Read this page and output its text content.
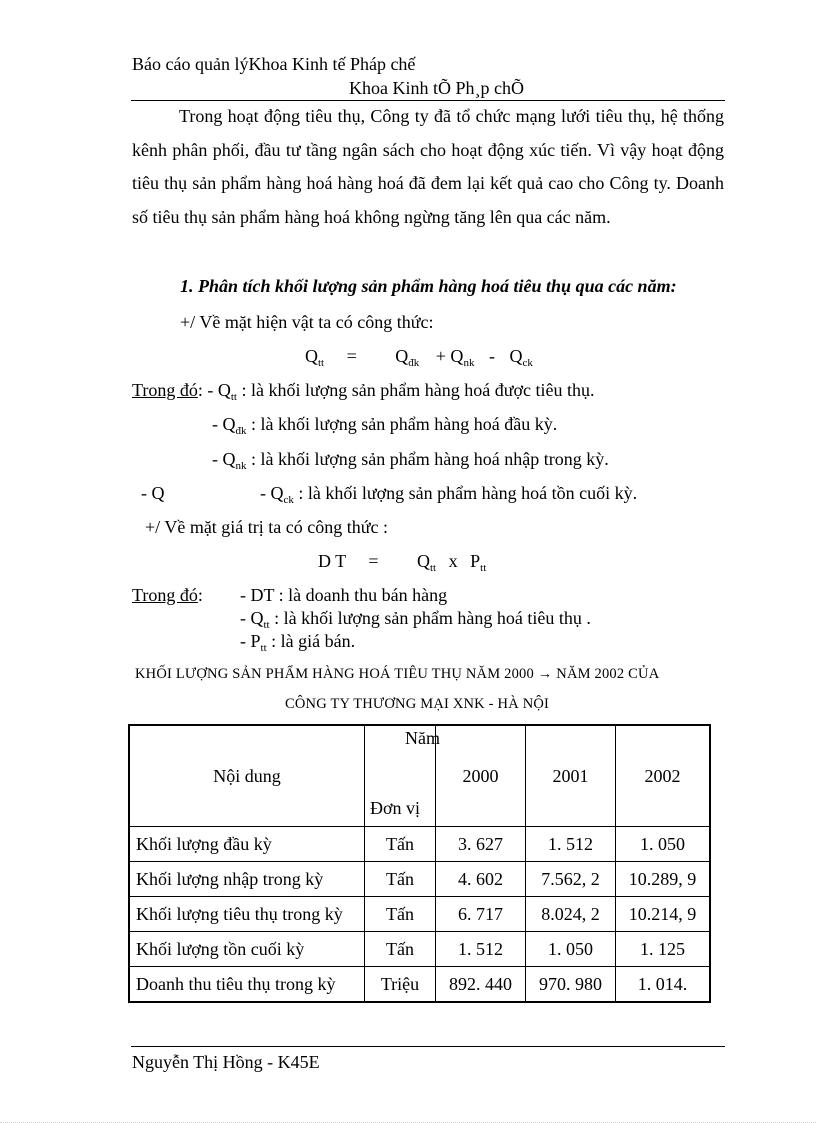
Báo cáo quản lýKhoa Kinh tế Pháp chế
Khoa Kinh tÕ Ph¸p chÕ
Trong hoạt động tiêu thụ, Công ty đã tổ chức mạng lưới tiêu thụ, hệ thống kênh phân phối, đầu tư tầng ngân sách cho hoạt động xúc tiến. Vì vậy hoạt động tiêu thụ sản phẩm hàng hoá hàng hoá đã đem lại kết quả cao cho Công ty. Doanh số tiêu thụ sản phẩm hàng hoá không ngừng tăng lên qua các năm.
1. Phân tích khối lượng sản phẩm hàng hoá tiêu thụ qua các năm:
+/ Về mặt hiện vật ta có công thức:
$Q_{tt} = Q_{đk} + Q_{nk} - Q_{ck}$
Trong đó: - $Q_{tt}$ : là khối lượng sản phẩm hàng hoá được tiêu thụ.
- $Q_{đk}$ : là khối lượng sản phẩm hàng hoá đầu kỳ.
- $Q_{nk}$ : là khối lượng sản phẩm hàng hoá nhập trong kỳ.
- Q	- $Q_{ck}$ : là khối lượng sản phẩm hàng hoá tồn cuối kỳ.
+/ Về mặt giá trị ta có công thức :
D $T = Q_{tt}$ x $P_{tt}$
Trong đó: - DT : là doanh thu bán hàng
- $Q_{tt}$ : là khối lượng sản phẩm hàng hoá tiêu thụ .
- $P_{tt}$ : là giá bán.
KHỐI LƯỢNG SẢN PHẨM HÀNG HOÁ TIÊU THỤ NĂM 2000 → NĂM 2002 CỦA
CÔNG TY THƯƠNG MẠI XNK - HÀ NỘI
Nội dung	Năm
Đơn vị	2000	2001	2002
Khối lượng đầu kỳ	Tấn	3. 627	1. 512	1. 050
Khối lượng nhập trong kỳ	Tấn	4. 602	7.562, 2	10.289, 9
Khối lượng tiêu thụ trong kỳ	Tấn	6. 717	8.024, 2	10.214, 9
Khối lượng tồn cuối kỳ	Tấn	1. 512	1. 050	1. 125
Doanh thu tiêu thụ trong kỳ	Triệu	892. 440	970. 980	1. 014.
Nguyễn Thị Hồng - K45E
